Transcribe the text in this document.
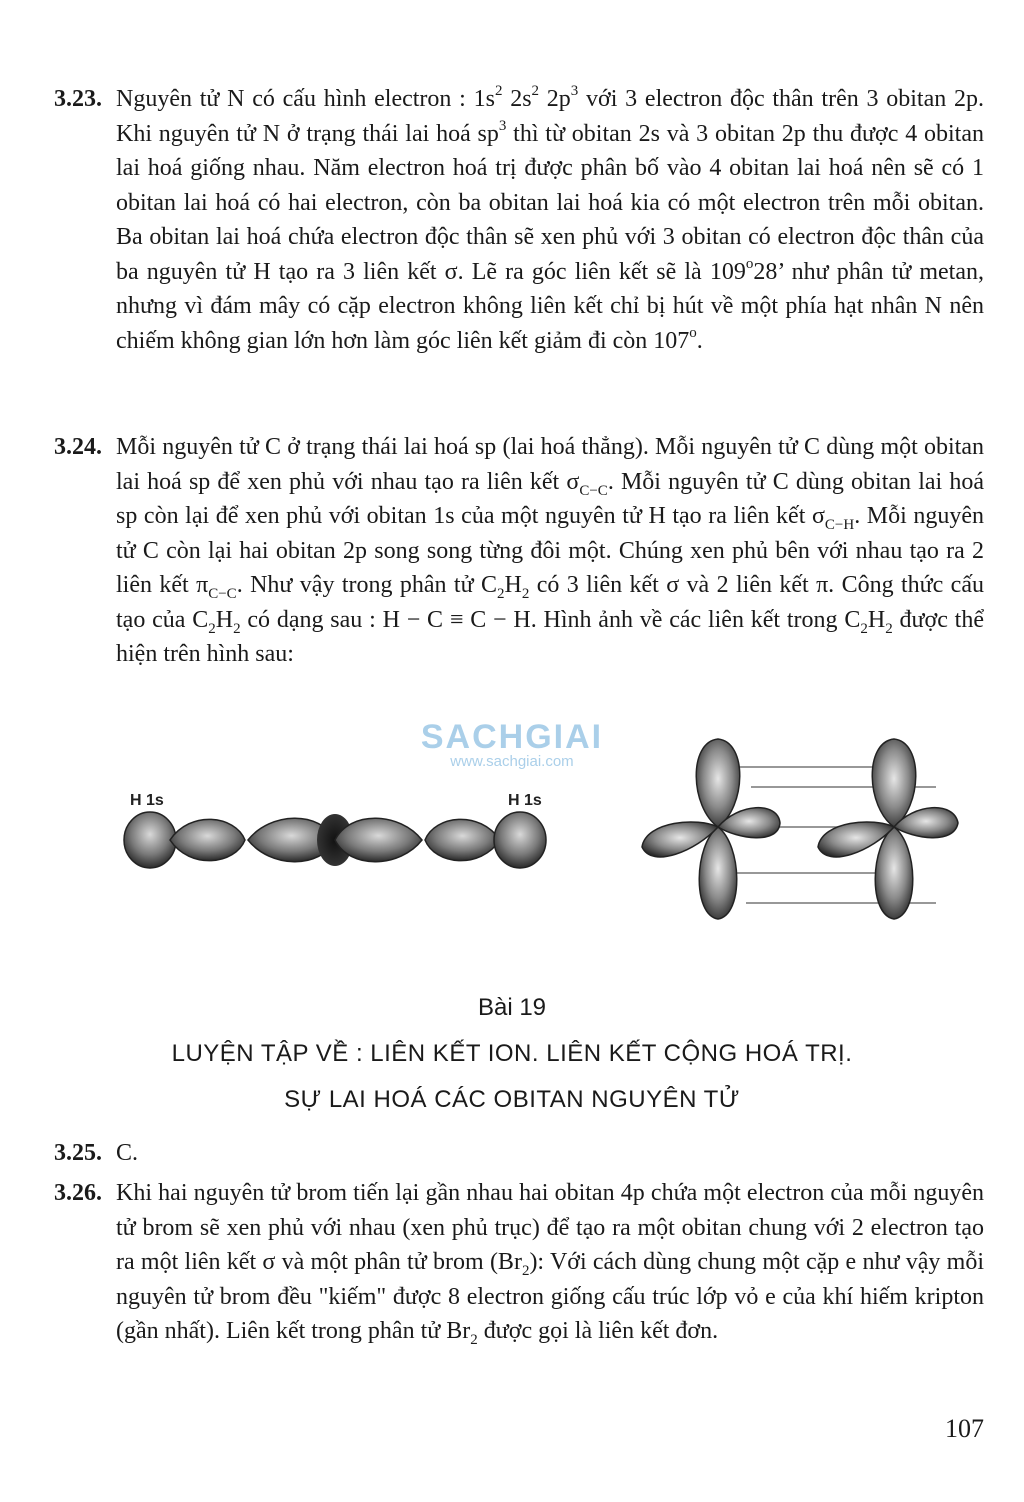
3.23. Nguyên tử N có cấu hình electron : $1s^2$ $2s^2$ $2p^3$ với 3 electron độc thân trên 3 obitan 2p. Khi nguyên tử N ở trạng thái lai hoá $sp^3$ thì từ obitan 2s và 3 obitan 2p thu được 4 obitan lai hoá giống nhau. Năm electron hoá trị được phân bố vào 4 obitan lai hoá nên sẽ có 1 obitan lai hoá có hai electron, còn ba obitan lai hoá kia có một electron trên mỗi obitan. Ba obitan lai hoá chứa electron độc thân sẽ xen phủ với 3 obitan có electron độc thân của ba nguyên tử H tạo ra 3 liên kết σ. Lẽ ra góc liên kết sẽ là 109$^o$28’ như phân tử metan, nhưng vì đám mây có cặp electron không liên kết chỉ bị hút về một phía hạt nhân N nên chiếm không gian lớn hơn làm góc liên kết giảm đi còn 107$^o$.
3.24. Mỗi nguyên tử C ở trạng thái lai hoá sp (lai hoá thẳng). Mỗi nguyên tử C dùng một obitan lai hoá sp để xen phủ với nhau tạo ra liên kết $\sigma_{C-C}$. Mỗi nguyên tử C dùng obitan lai hoá sp còn lại để xen phủ với obitan 1s của một nguyên tử H tạo ra liên kết $\sigma_{C-H}$. Mỗi nguyên tử C còn lại hai obitan 2p song song từng đôi một. Chúng xen phủ bên với nhau tạo ra 2 liên kết $\pi_{C-C}$. Như vậy trong phân tử $C_2H_2$ có 3 liên kết σ và 2 liên kết π. Công thức cấu tạo của $C_2H_2$ có dạng sau : H − C ≡ C − H. Hình ảnh về các liên kết trong $C_2H_2$ được thể hiện trên hình sau:
SACHGIAI
www.sachgiai.com
H 1s	H 1s
Bài 19
LUYỆN TẬP VỀ : LIÊN KẾT ION. LIÊN KẾT CỘNG HOÁ TRỊ.
SỰ LAI HOÁ CÁC OBITAN NGUYÊN TỬ
3.25. C.
3.26. Khi hai nguyên tử brom tiến lại gần nhau hai obitan 4p chứa một electron của mỗi nguyên tử brom sẽ xen phủ với nhau (xen phủ trục) để tạo ra một obitan chung với 2 electron tạo ra một liên kết σ và một phân tử brom $(Br_2)$: Với cách dùng chung một cặp e như vậy mỗi nguyên tử brom đều "kiếm" được 8 electron giống cấu trúc lớp vỏ e của khí hiếm kripton (gần nhất). Liên kết trong phân tử $Br_2$ được gọi là liên kết đơn.
107
